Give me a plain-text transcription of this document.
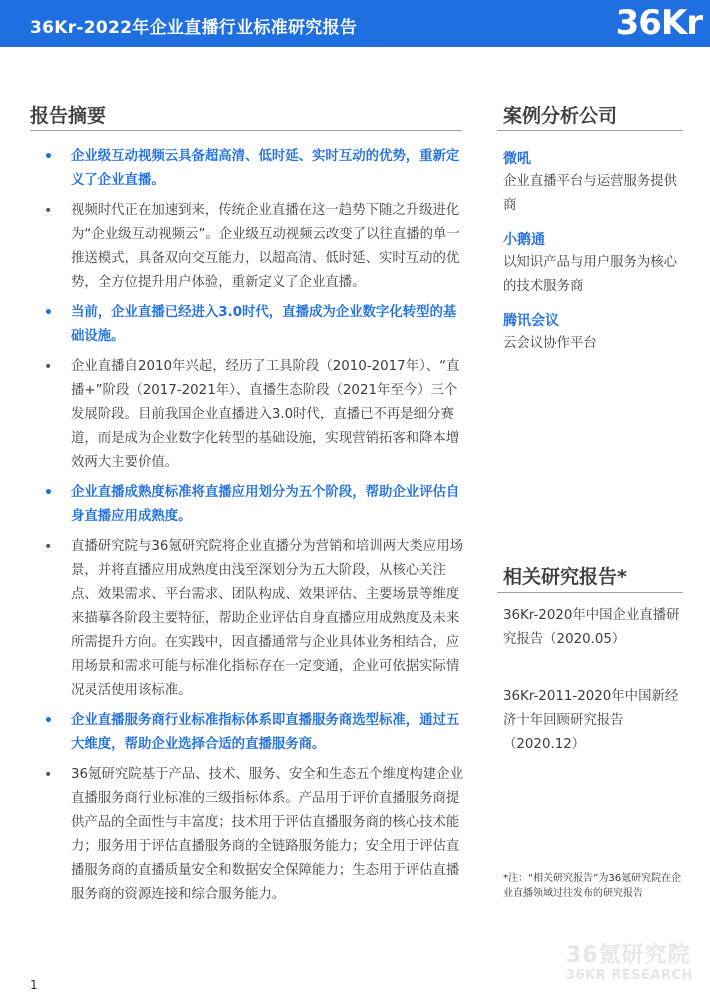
36Kr-2022年企业直播行业标准研究报告	36Kr
报告摘要
• 企业级互动视频云具备超高清、低时延、实时互动的优势，重新定义了企业直播。
• 视频时代正在加速到来，传统企业直播在这一趋势下随之升级进化为“企业级互动视频云”。企业级互动视频云改变了以往直播的单一推送模式，具备双向交互能力，以超高清、低时延、实时互动的优势，全方位提升用户体验，重新定义了企业直播。
• 当前，企业直播已经进入3.0时代，直播成为企业数字化转型的基础设施。
• 企业直播自2010年兴起，经历了工具阶段（2010-2017年）、“直播+”阶段（2017-2021年）、直播生态阶段（2021年至今）三个发展阶段。目前我国企业直播进入3.0时代，直播已不再是细分赛道，而是成为企业数字化转型的基础设施，实现营销拓客和降本增效两大主要价值。
• 企业直播成熟度标准将直播应用划分为五个阶段，帮助企业评估自身直播应用成熟度。
• 直播研究院与36氪研究院将企业直播分为营销和培训两大类应用场景，并将直播应用成熟度由浅至深划分为五大阶段，从核心关注点、效果需求、平台需求、团队构成、效果评估、主要场景等维度来描摹各阶段主要特征，帮助企业评估自身直播应用成熟度及未来所需提升方向。在实践中，因直播通常与企业具体业务相结合，应用场景和需求可能与标准化指标存在一定变通，企业可依据实际情况灵活使用该标准。
• 企业直播服务商行业标准指标体系即直播服务商选型标准，通过五大维度，帮助企业选择合适的直播服务商。
• 36氪研究院基于产品、技术、服务、安全和生态五个维度构建企业直播服务商行业标准的三级指标体系。产品用于评价直播服务商提供产品的全面性与丰富度；技术用于评估直播服务商的核心技术能力；服务用于评估直播服务商的全链路服务能力；安全用于评估直播服务商的直播质量安全和数据安全保障能力；生态用于评估直播服务商的资源连接和综合服务能力。
案例分析公司
微吼
企业直播平台与运营服务提供商
小鹅通
以知识产品与用户服务为核心的技术服务商
腾讯会议
云会议协作平台
相关研究报告*
36Kr-2020年中国企业直播研究报告（2020.05）
36Kr-2011-2020年中国新经济十年回顾研究报告（2020.12）
*注：“相关研究报告”为36氪研究院在企业直播领域过往发布的研究报告
36氪研究院
36KR RESEARCH
1
